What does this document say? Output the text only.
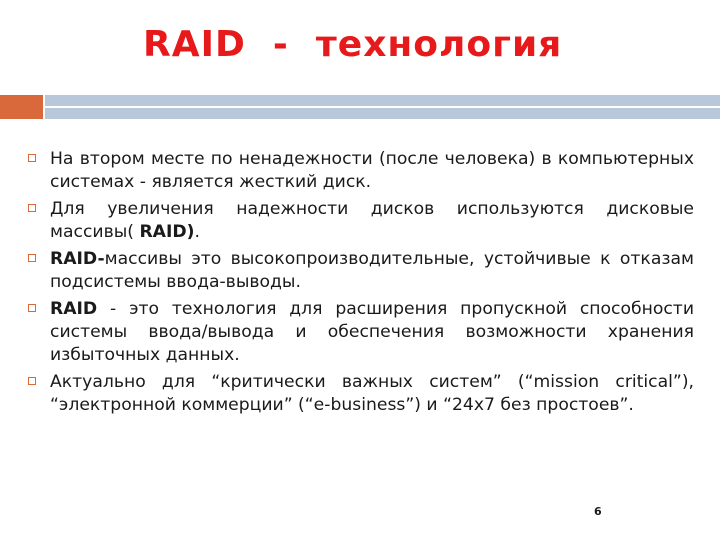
RAID  -  технология
На втором месте по ненадежности (после человека) в компьютерных системах - является жесткий диск.
Для увеличения надежности дисков используются дисковые массивы( RAID).
RAID-массивы это высокопроизводительные, устойчивые к отказам подсистемы ввода-выводы.
RAID - это технология для расширения пропускной способности системы ввода/вывода и обеспечения возможности хранения избыточных данных.
Актуально для “критически важных систем” (“mission critical”), “электронной коммерции” (“e-business”) и “24x7 без простоев”.
6
